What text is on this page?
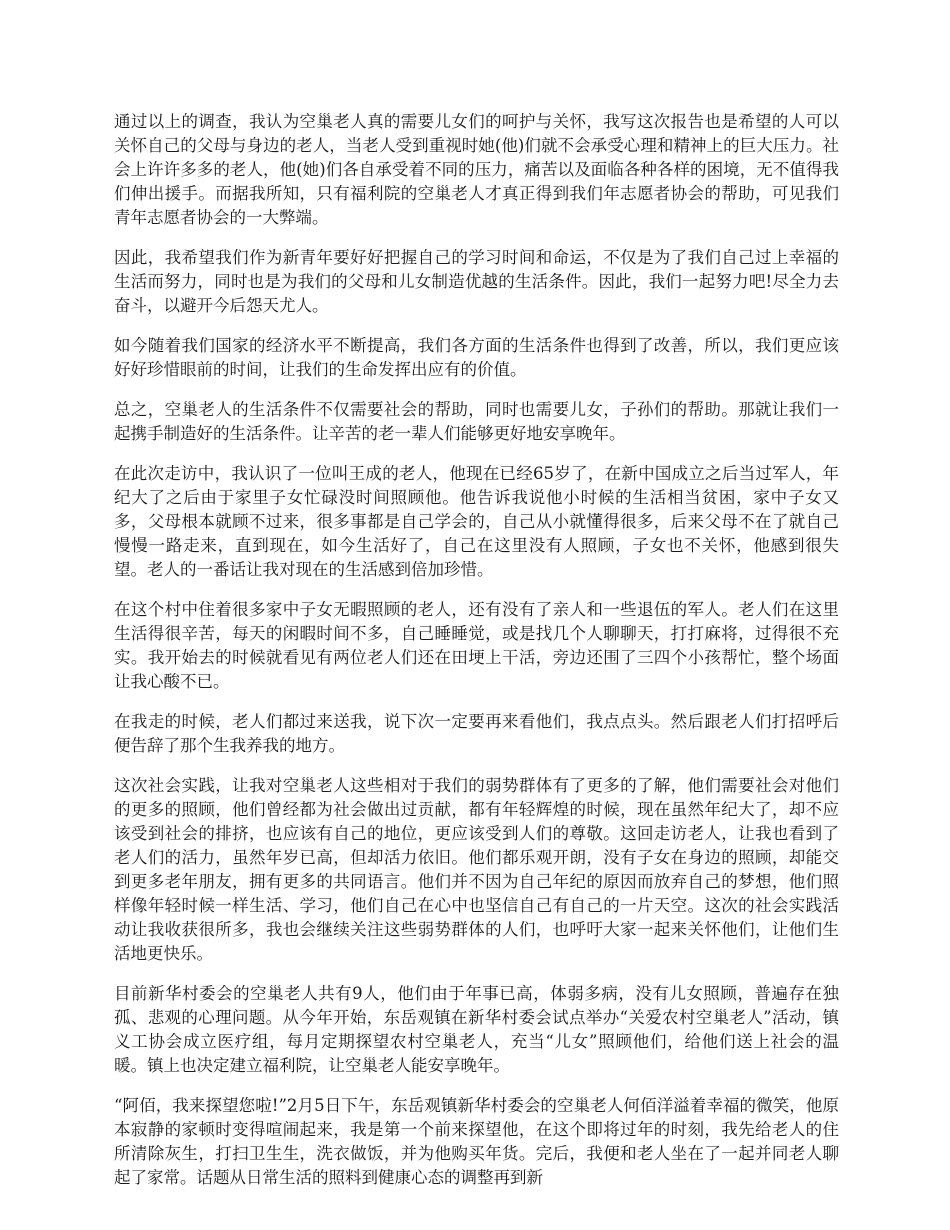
通过以上的调查，我认为空巢老人真的需要儿女们的呵护与关怀，我写这次报告也是希望的人可以关怀自己的父母与身边的老人，当老人受到重视时她(他)们就不会承受心理和精神上的巨大压力。社会上许许多多的老人，他(她)们各自承受着不同的压力，痛苦以及面临各种各样的困境，无不值得我们伸出援手。而据我所知，只有福利院的空巢老人才真正得到我们年志愿者协会的帮助，可见我们青年志愿者协会的一大弊端。

因此，我希望我们作为新青年要好好把握自己的学习时间和命运，不仅是为了我们自己过上幸福的生活而努力，同时也是为我们的父母和儿女制造优越的生活条件。因此，我们一起努力吧!尽全力去奋斗，以避开今后怨天尤人。

如今随着我们国家的经济水平不断提高，我们各方面的生活条件也得到了改善，所以，我们更应该好好珍惜眼前的时间，让我们的生命发挥出应有的价值。

总之，空巢老人的生活条件不仅需要社会的帮助，同时也需要儿女，子孙们的帮助。那就让我们一起携手制造好的生活条件。让辛苦的老一辈人们能够更好地安享晚年。

在此次走访中，我认识了一位叫王成的老人，他现在已经65岁了，在新中国成立之后当过军人，年纪大了之后由于家里子女忙碌没时间照顾他。他告诉我说他小时候的生活相当贫困，家中子女又多，父母根本就顾不过来，很多事都是自己学会的，自己从小就懂得很多，后来父母不在了就自己慢慢一路走来，直到现在，如今生活好了，自己在这里没有人照顾，子女也不关怀，他感到很失望。老人的一番话让我对现在的生活感到倍加珍惜。

在这个村中住着很多家中子女无暇照顾的老人，还有没有了亲人和一些退伍的军人。老人们在这里生活得很辛苦，每天的闲暇时间不多，自己睡睡觉，或是找几个人聊聊天，打打麻将，过得很不充实。我开始去的时候就看见有两位老人们还在田埂上干活，旁边还围了三四个小孩帮忙，整个场面让我心酸不已。

在我走的时候，老人们都过来送我，说下次一定要再来看他们，我点点头。然后跟老人们打招呼后便告辞了那个生我养我的地方。

这次社会实践，让我对空巢老人这些相对于我们的弱势群体有了更多的了解，他们需要社会对他们的更多的照顾，他们曾经都为社会做出过贡献，都有年轻辉煌的时候，现在虽然年纪大了，却不应该受到社会的排挤，也应该有自己的地位，更应该受到人们的尊敬。这回走访老人，让我也看到了老人们的活力，虽然年岁已高，但却活力依旧。他们都乐观开朗，没有子女在身边的照顾，却能交到更多老年朋友，拥有更多的共同语言。他们并不因为自己年纪的原因而放弃自己的梦想，他们照样像年轻时候一样生活、学习，他们自己在心中也坚信自己有自己的一片天空。这次的社会实践活动让我收获很所多，我也会继续关注这些弱势群体的人们，也呼吁大家一起来关怀他们，让他们生活地更快乐。

目前新华村委会的空巢老人共有9人，他们由于年事已高，体弱多病，没有儿女照顾，普遍存在独孤、悲观的心理问题。从今年开始，东岳观镇在新华村委会试点举办“关爱农村空巢老人”活动，镇义工协会成立医疗组，每月定期探望农村空巢老人，充当“儿女”照顾他们，给他们送上社会的温暖。镇上也决定建立福利院，让空巢老人能安享晚年。

“阿佰，我来探望您啦!”2月5日下午，东岳观镇新华村委会的空巢老人何佰洋溢着幸福的微笑，他原本寂静的家顿时变得喧闹起来，我是第一个前来探望他，在这个即将过年的时刻，我先给老人的住所清除灰生，打扫卫生生，洗衣做饭，并为他购买年货。完后，我便和老人坐在了一起并同老人聊起了家常。话题从日常生活的照料到健康心态的调整再到新
